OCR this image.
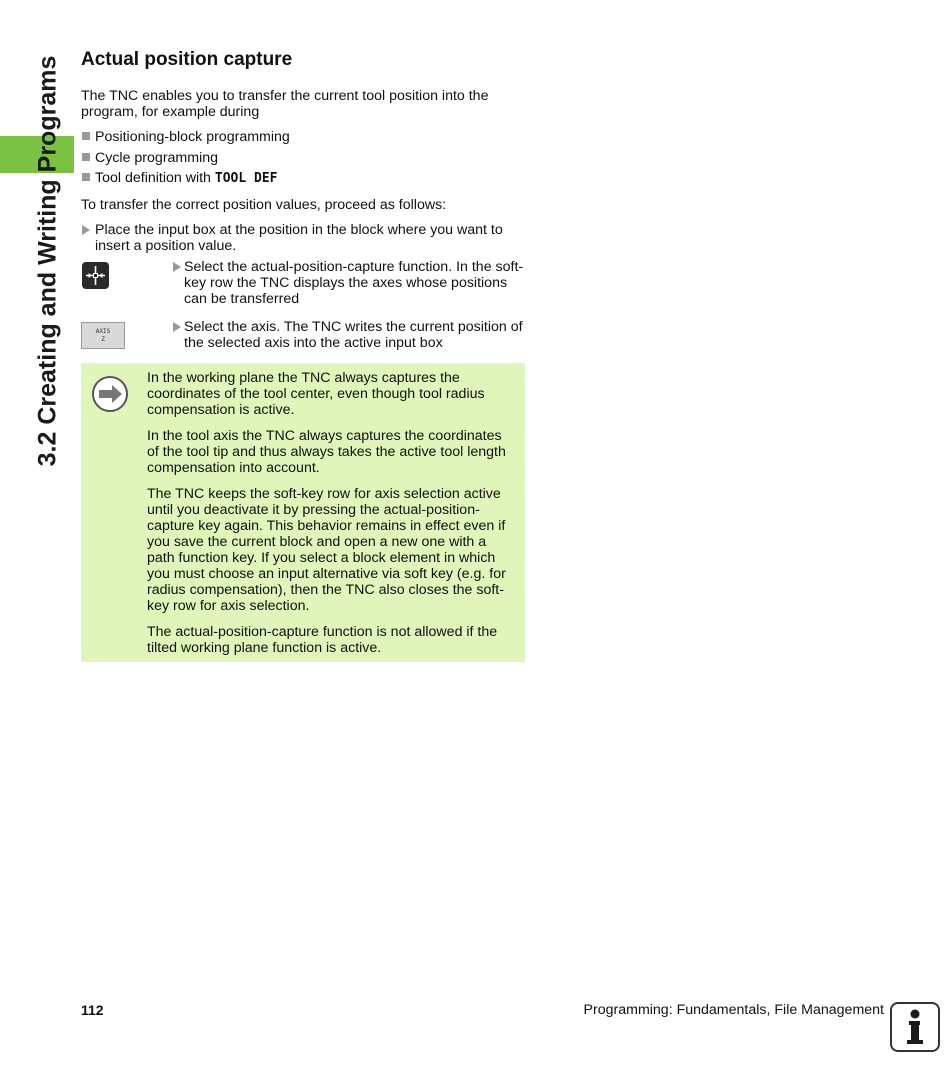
3.2 Creating and Writing Programs Actual position capture

The TNC enables you to transfer the current tool position into the program, for example during

Positioning-block programming
Cycle programming
Tool definition with TOOL DEF

To transfer the correct position values, proceed as follows:

Place the input box at the position in the block where you want to insert a position value.
Select the actual-position-capture function. In the soft-key row the TNC displays the axes whose positions can be transferred
AXIS
Z
Select the axis. The TNC writes the current position of the selected axis into the active input box

In the working plane the TNC always captures the coordinates of the tool center, even though tool radius compensation is active.

In the tool axis the TNC always captures the coordinates of the tool tip and thus always takes the active tool length compensation into account.

The TNC keeps the soft-key row for axis selection active until you deactivate it by pressing the actual-position-capture key again. This behavior remains in effect even if you save the current block and open a new one with a path function key. If you select a block element in which you must choose an input alternative via soft key (e.g. for radius compensation), then the TNC also closes the soft-key row for axis selection.

The actual-position-capture function is not allowed if the tilted working plane function is active.

112	Programming: Fundamentals, File Management
